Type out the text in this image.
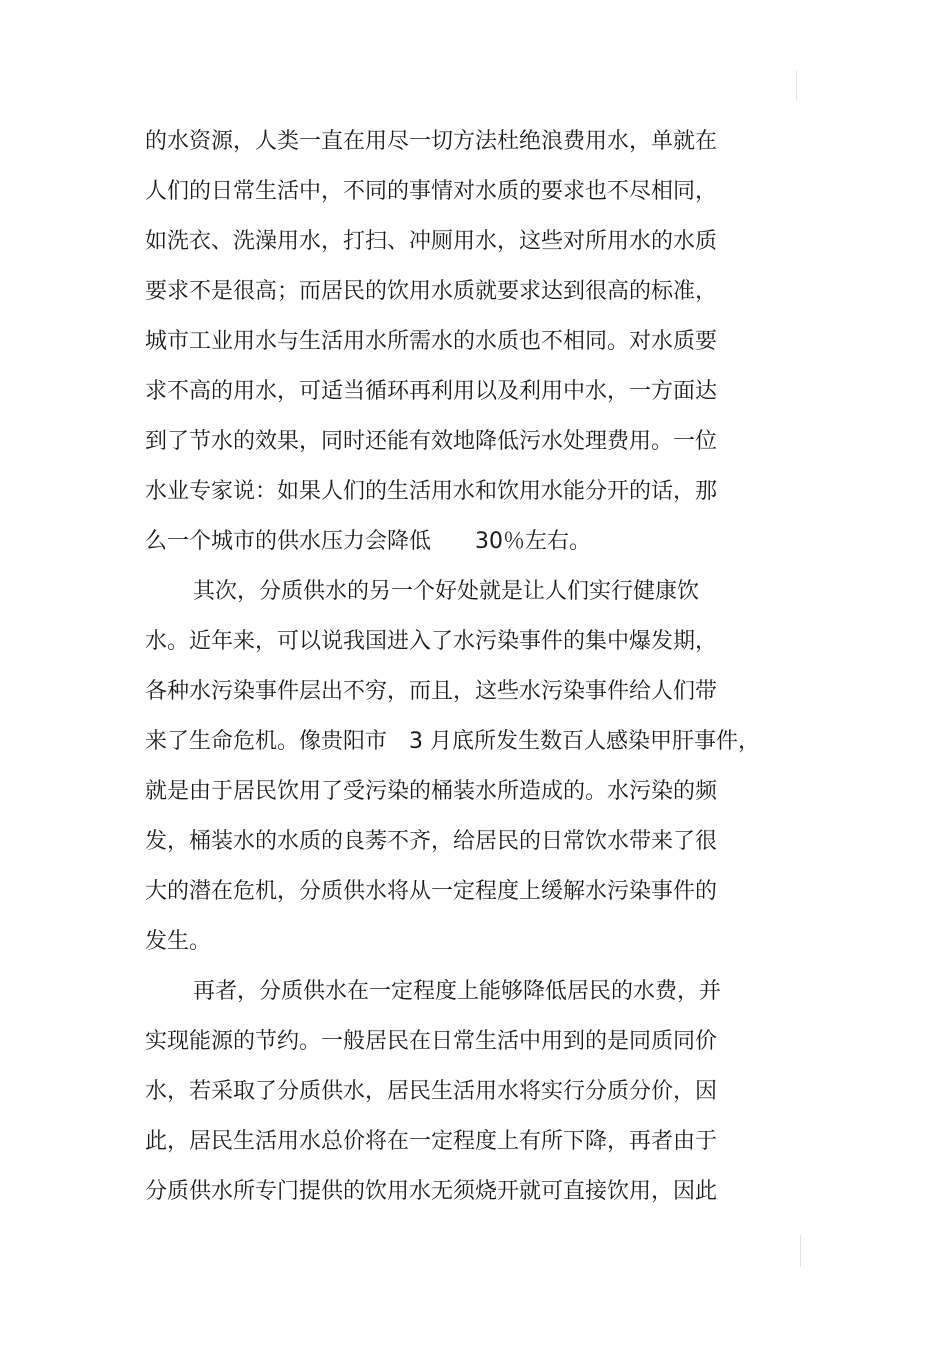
的水资源，人类一直在用尽一切方法杜绝浪费用水，单就在
人们的日常生活中，不同的事情对水质的要求也不尽相同，
如洗衣、洗澡用水，打扫、冲厕用水，这些对所用水的水质
要求不是很高；而居民的饮用水质就要求达到很高的标准，
城市工业用水与生活用水所需水的水质也不相同。对水质要
求不高的用水，可适当循环再利用以及利用中水，一方面达
到了节水的效果，同时还能有效地降低污水处理费用。一位
水业专家说：如果人们的生活用水和饮用水能分开的话，那
么一个城市的供水压力会降低　　30％左右。
其次，分质供水的另一个好处就是让人们实行健康饮
水。近年来，可以说我国进入了水污染事件的集中爆发期，
各种水污染事件层出不穷，而且，这些水污染事件给人们带
来了生命危机。像贵阳市　3 月底所发生数百人感染甲肝事件，
就是由于居民饮用了受污染的桶装水所造成的。水污染的频
发，桶装水的水质的良莠不齐，给居民的日常饮水带来了很
大的潜在危机，分质供水将从一定程度上缓解水污染事件的
发生。
再者，分质供水在一定程度上能够降低居民的水费，并
实现能源的节约。一般居民在日常生活中用到的是同质同价
水，若采取了分质供水，居民生活用水将实行分质分价，因
此，居民生活用水总价将在一定程度上有所下降，再者由于
分质供水所专门提供的饮用水无须烧开就可直接饮用，因此
